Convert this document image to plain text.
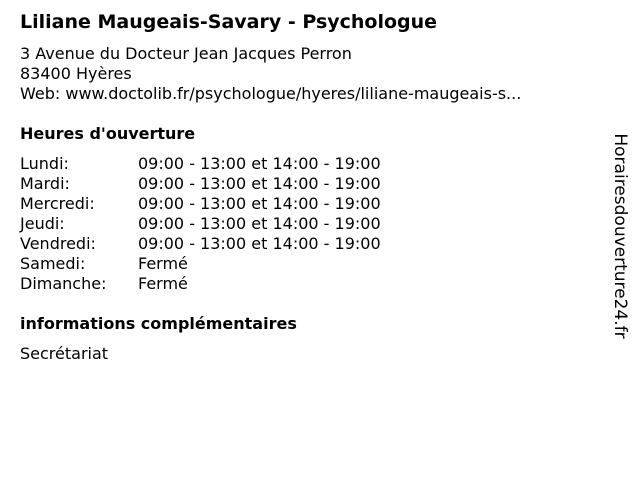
Liliane Maugeais-Savary - Psychologue
3 Avenue du Docteur Jean Jacques Perron
83400 Hyères
Web: www.doctolib.fr/psychologue/hyeres/liliane-maugeais-s...
Heures d'ouverture
Lundi:	09:00 - 13:00 et 14:00 - 19:00
Mardi:	09:00 - 13:00 et 14:00 - 19:00
Mercredi:	09:00 - 13:00 et 14:00 - 19:00
Jeudi:	09:00 - 13:00 et 14:00 - 19:00
Vendredi:	09:00 - 13:00 et 14:00 - 19:00
Samedi:	Fermé
Dimanche:	Fermé
informations complémentaires
Secrétariat
Horairesdouverture24.fr
